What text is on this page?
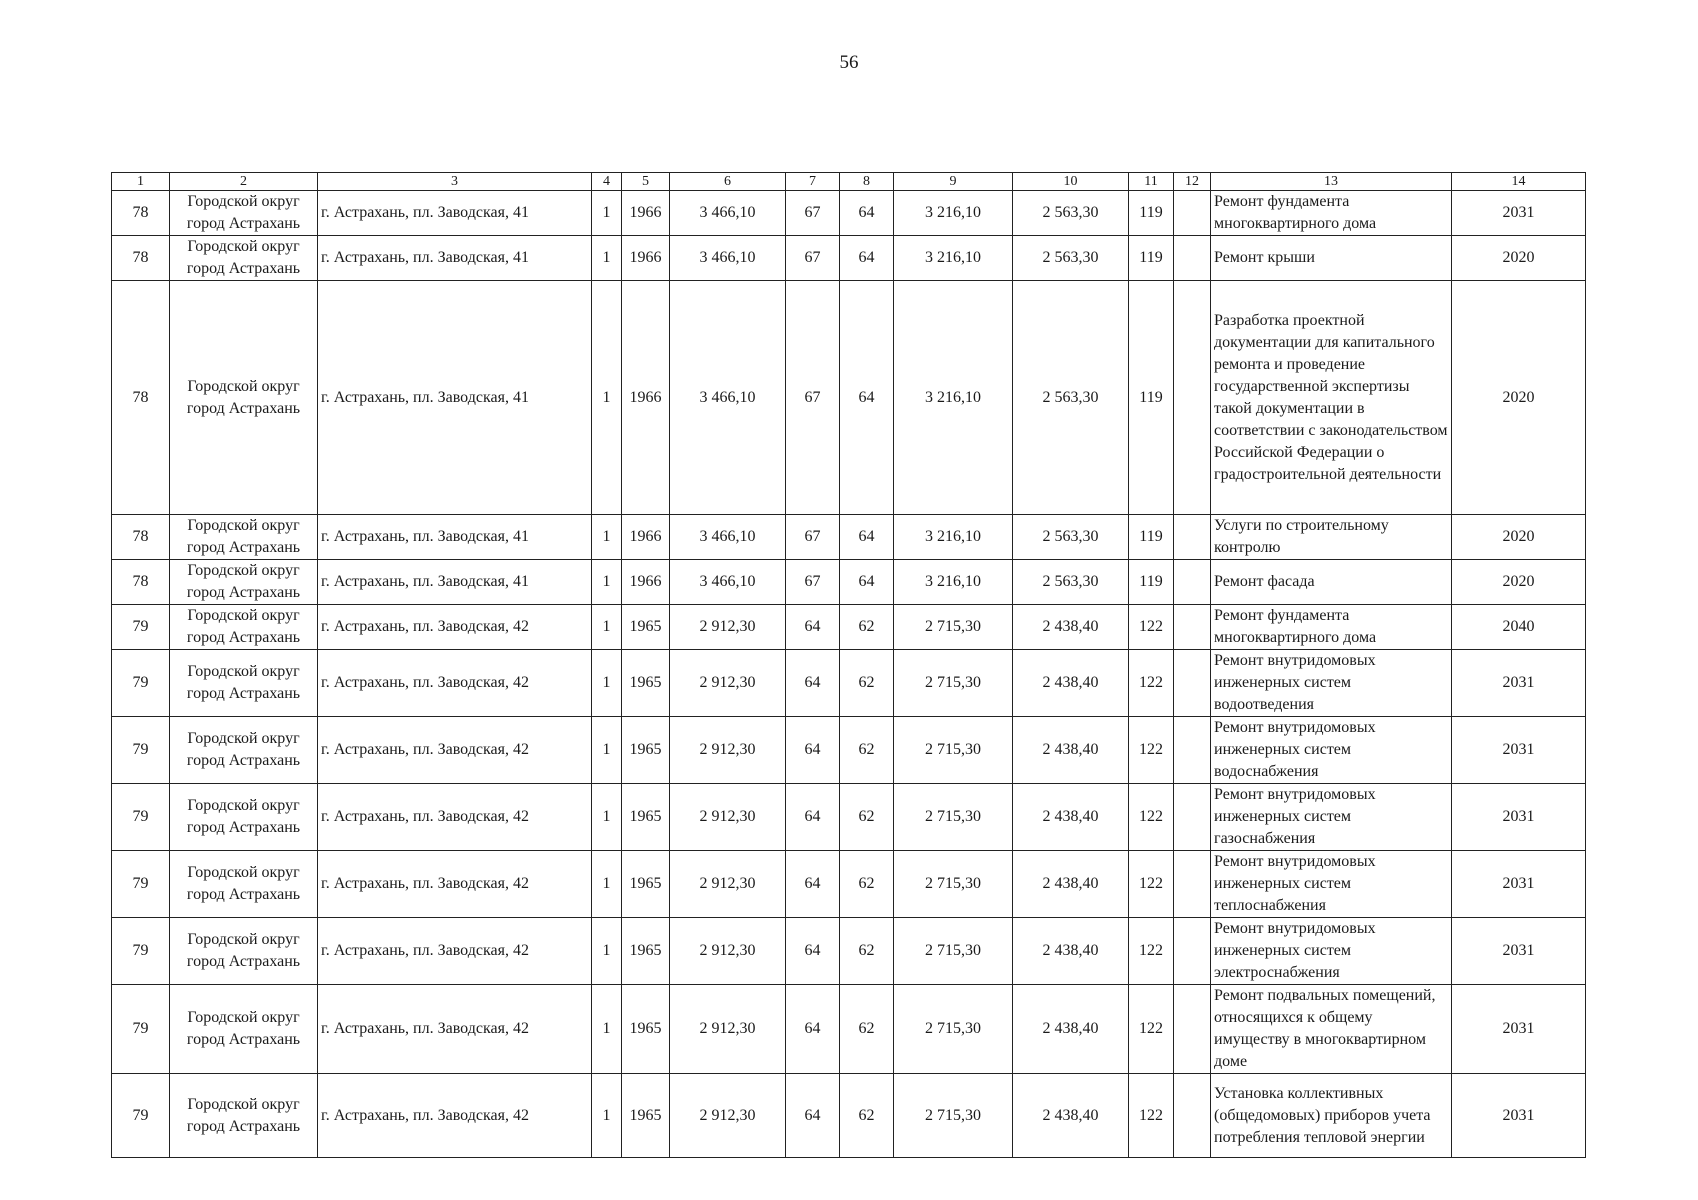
56
1	2	3	4	5	6	7	8	9	10	11	12	13	14
78	Городской округ город Астрахань	г. Астрахань, пл. Заводская, 41	1	1966	3 466,10	67	64	3 216,10	2 563,30	119		Ремонт фундамента многоквартирного дома	2031
78	Городской округ город Астрахань	г. Астрахань, пл. Заводская, 41	1	1966	3 466,10	67	64	3 216,10	2 563,30	119		Ремонт крыши	2020
78	Городской округ город Астрахань	г. Астрахань, пл. Заводская, 41	1	1966	3 466,10	67	64	3 216,10	2 563,30	119		Разработка проектной документации для капитального ремонта и проведение государственной экспертизы такой документации в соответствии с законодательством Российской Федерации о градостроительной деятельности	2020
78	Городской округ город Астрахань	г. Астрахань, пл. Заводская, 41	1	1966	3 466,10	67	64	3 216,10	2 563,30	119		Услуги по строительному контролю	2020
78	Городской округ город Астрахань	г. Астрахань, пл. Заводская, 41	1	1966	3 466,10	67	64	3 216,10	2 563,30	119		Ремонт фасада	2020
79	Городской округ город Астрахань	г. Астрахань, пл. Заводская, 42	1	1965	2 912,30	64	62	2 715,30	2 438,40	122		Ремонт фундамента многоквартирного дома	2040
79	Городской округ город Астрахань	г. Астрахань, пл. Заводская, 42	1	1965	2 912,30	64	62	2 715,30	2 438,40	122		Ремонт внутридомовых инженерных систем водоотведения	2031
79	Городской округ город Астрахань	г. Астрахань, пл. Заводская, 42	1	1965	2 912,30	64	62	2 715,30	2 438,40	122		Ремонт внутридомовых инженерных систем водоснабжения	2031
79	Городской округ город Астрахань	г. Астрахань, пл. Заводская, 42	1	1965	2 912,30	64	62	2 715,30	2 438,40	122		Ремонт внутридомовых инженерных систем газоснабжения	2031
79	Городской округ город Астрахань	г. Астрахань, пл. Заводская, 42	1	1965	2 912,30	64	62	2 715,30	2 438,40	122		Ремонт внутридомовых инженерных систем теплоснабжения	2031
79	Городской округ город Астрахань	г. Астрахань, пл. Заводская, 42	1	1965	2 912,30	64	62	2 715,30	2 438,40	122		Ремонт внутридомовых инженерных систем электроснабжения	2031
79	Городской округ город Астрахань	г. Астрахань, пл. Заводская, 42	1	1965	2 912,30	64	62	2 715,30	2 438,40	122		Ремонт подвальных помещений, относящихся к общему имуществу в многоквартирном доме	2031
79	Городской округ город Астрахань	г. Астрахань, пл. Заводская, 42	1	1965	2 912,30	64	62	2 715,30	2 438,40	122		Установка коллективных (общедомовых) приборов учета потребления тепловой энергии	2031
